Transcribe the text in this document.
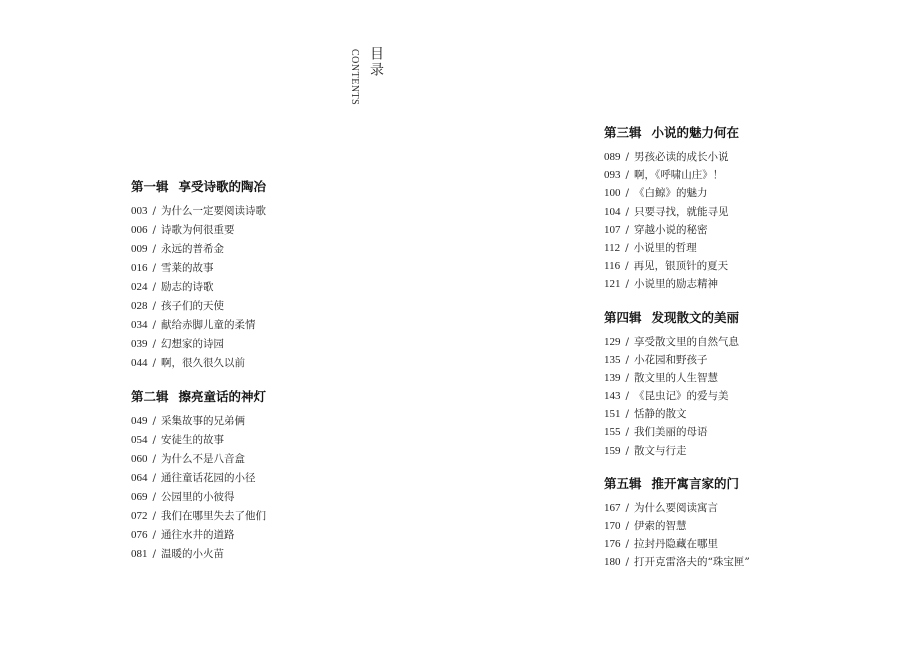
目录
CONTENTS
第一辑 享受诗歌的陶冶
003 / 为什么一定要阅读诗歌
006 / 诗歌为何很重要
009 / 永远的普希金
016 / 雪莱的故事
024 / 励志的诗歌
028 / 孩子们的天使
034 / 献给赤脚儿童的柔情
039 / 幻想家的诗园
044 / 啊，很久很久以前
第二辑 擦亮童话的神灯
049 / 采集故事的兄弟俩
054 / 安徒生的故事
060 / 为什么不是八音盒
064 / 通往童话花园的小径
069 / 公园里的小彼得
072 / 我们在哪里失去了他们
076 / 通往水井的道路
081 / 温暖的小火苗
第三辑 小说的魅力何在
089 / 男孩必读的成长小说
093 / 啊，《呼啸山庄》！
100 / 《白鲸》的魅力
104 / 只要寻找，就能寻见
107 / 穿越小说的秘密
112 / 小说里的哲理
116 / 再见，银顶针的夏天
121 / 小说里的励志精神
第四辑 发现散文的美丽
129 / 享受散文里的自然气息
135 / 小花园和野孩子
139 / 散文里的人生智慧
143 / 《昆虫记》的爱与美
151 / 恬静的散文
155 / 我们美丽的母语
159 / 散文与行走
第五辑 推开寓言家的门
167 / 为什么要阅读寓言
170 / 伊索的智慧
176 / 拉封丹隐藏在哪里
180 / 打开克雷洛夫的“珠宝匣”
